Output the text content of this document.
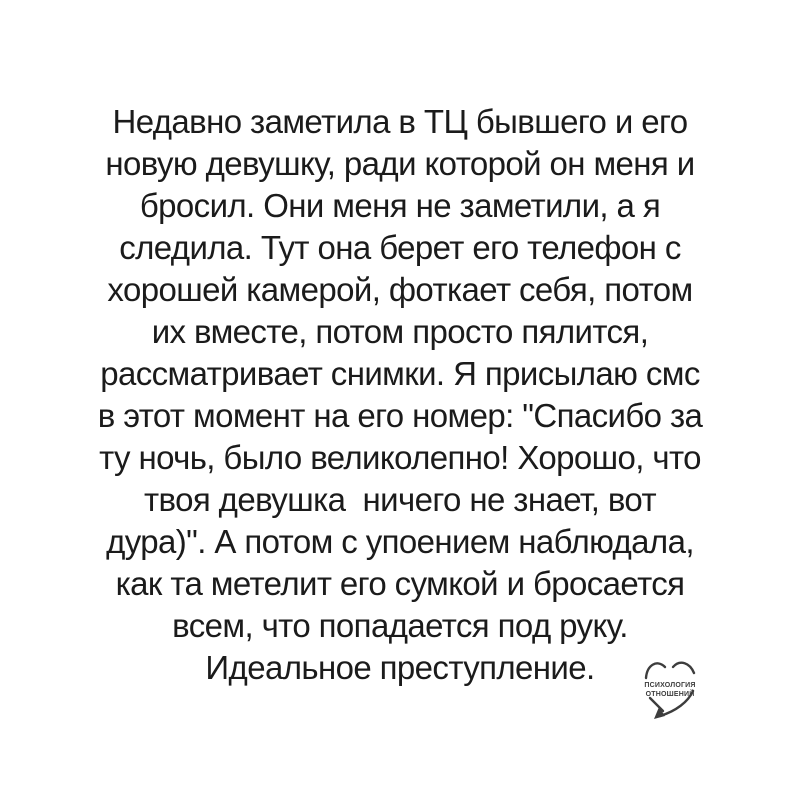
Недавно заметила в ТЦ бывшего и его
новую девушку, ради которой он меня и
бросил. Они меня не заметили, а я
следила. Тут она берет его телефон с
хорошей камерой, фоткает себя, потом
их вместе, потом просто пялится,
рассматривает снимки. Я присылаю смс
в этот момент на его номер: "Спасибо за
ту ночь, было великолепно! Хорошо, что
твоя девушка  ничего не знает, вот
дура)". А потом с упоением наблюдала,
как та метелит его сумкой и бросается
всем, что попадается под руку.
Идеальное преступление.	ПСИХОЛОГИЯ
ОТНОШЕНИЙ
